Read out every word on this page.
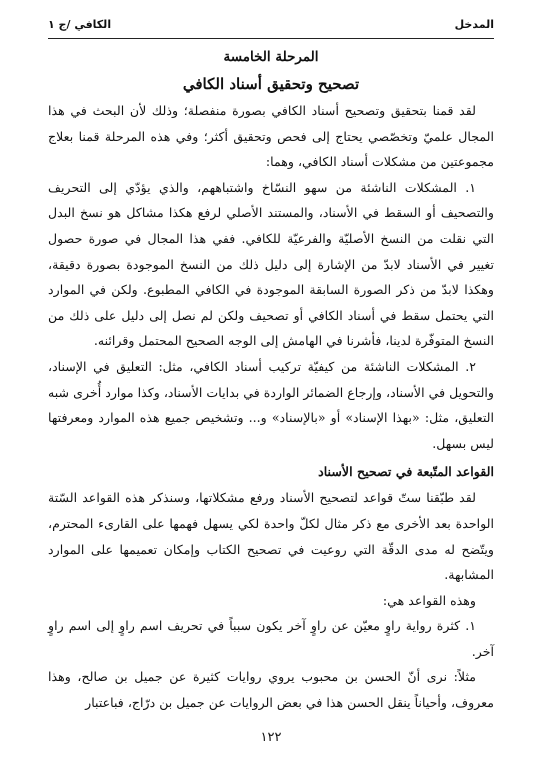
المدخل
الكافي /ج ١

المرحلة الخامسة

تصحيح وتحقيق أسناد الكافي

لقد قمنا بتحقيق وتصحيح أسناد الكافي بصورة منفصلة؛ وذلك لأن البحث في هذا المجال علميّ وتخصّصي يحتاج إلى فحص وتحقيق أكثر؛ وفي هذه المرحلة قمنا بعلاج مجموعتين من مشكلات أسناد الكافي، وهما:

١. المشكلات الناشئة من سهو النسّاخ واشتباههم، والذي يؤدّي إلى التحريف والتصحيف أو السقط في الأسناد، والمستند الأصلي لرفع هكذا مشاكل هو نسخ البدل التي نقلت من النسخ الأصليّة والفرعيّة للكافي. ففي هذا المجال في صورة حصول تغيير في الأسناد لابدّ من الإشارة إلى دليل ذلك من النسخ الموجودة بصورة دقيقة، وهكذا لابدّ من ذكر الصورة السابقة الموجودة في الكافي المطبوع. ولكن في الموارد التي يحتمل سقط في أسناد الكافي أو تصحيف ولكن لم نصل إلى دليل على ذلك من النسخ المتوفّرة لدينا، فأشرنا في الهامش إلى الوجه الصحيح المحتمل وقرائنه.

٢. المشكلات الناشئة من كيفيّة تركيب أسناد الكافي، مثل: التعليق في الإسناد، والتحويل في الأسناد، وإرجاع الضمائر الواردة في بدايات الأسناد، وكذا موارد أُخرى شبه التعليق، مثل: «بهذا الإسناد» أو «بالإسناد» و... وتشخيص جميع هذه الموارد ومعرفتها ليس بسهل.

القواعد المتّبعة في تصحيح الأسناد

لقد طبّقنا ستّ قواعد لتصحيح الأسناد ورفع مشكلاتها، وسنذكر هذه القواعد السّتة الواحدة بعد الأخرى مع ذكر مثال لكلّ واحدة لكي يسهل فهمها على القارىء المحترم، ويتّضح له مدى الدقّة التي روعيت في تصحيح الكتاب وإمكان تعميمها على الموارد المشابهة.

وهذه القواعد هي:

١. كثرة رواية راوٍ معيّن عن راوٍ آخر يكون سبباً في تحريف اسم راوٍ إلى اسم راوٍ آخر.

مثلاً: نرى أنّ الحسن بن محبوب يروي روايات كثيرة عن جميل بن صالح، وهذا معروف، وأحياناً ينقل الحسن هذا في بعض الروايات عن جميل بن درّاج، فباعتبار

١٢٢
